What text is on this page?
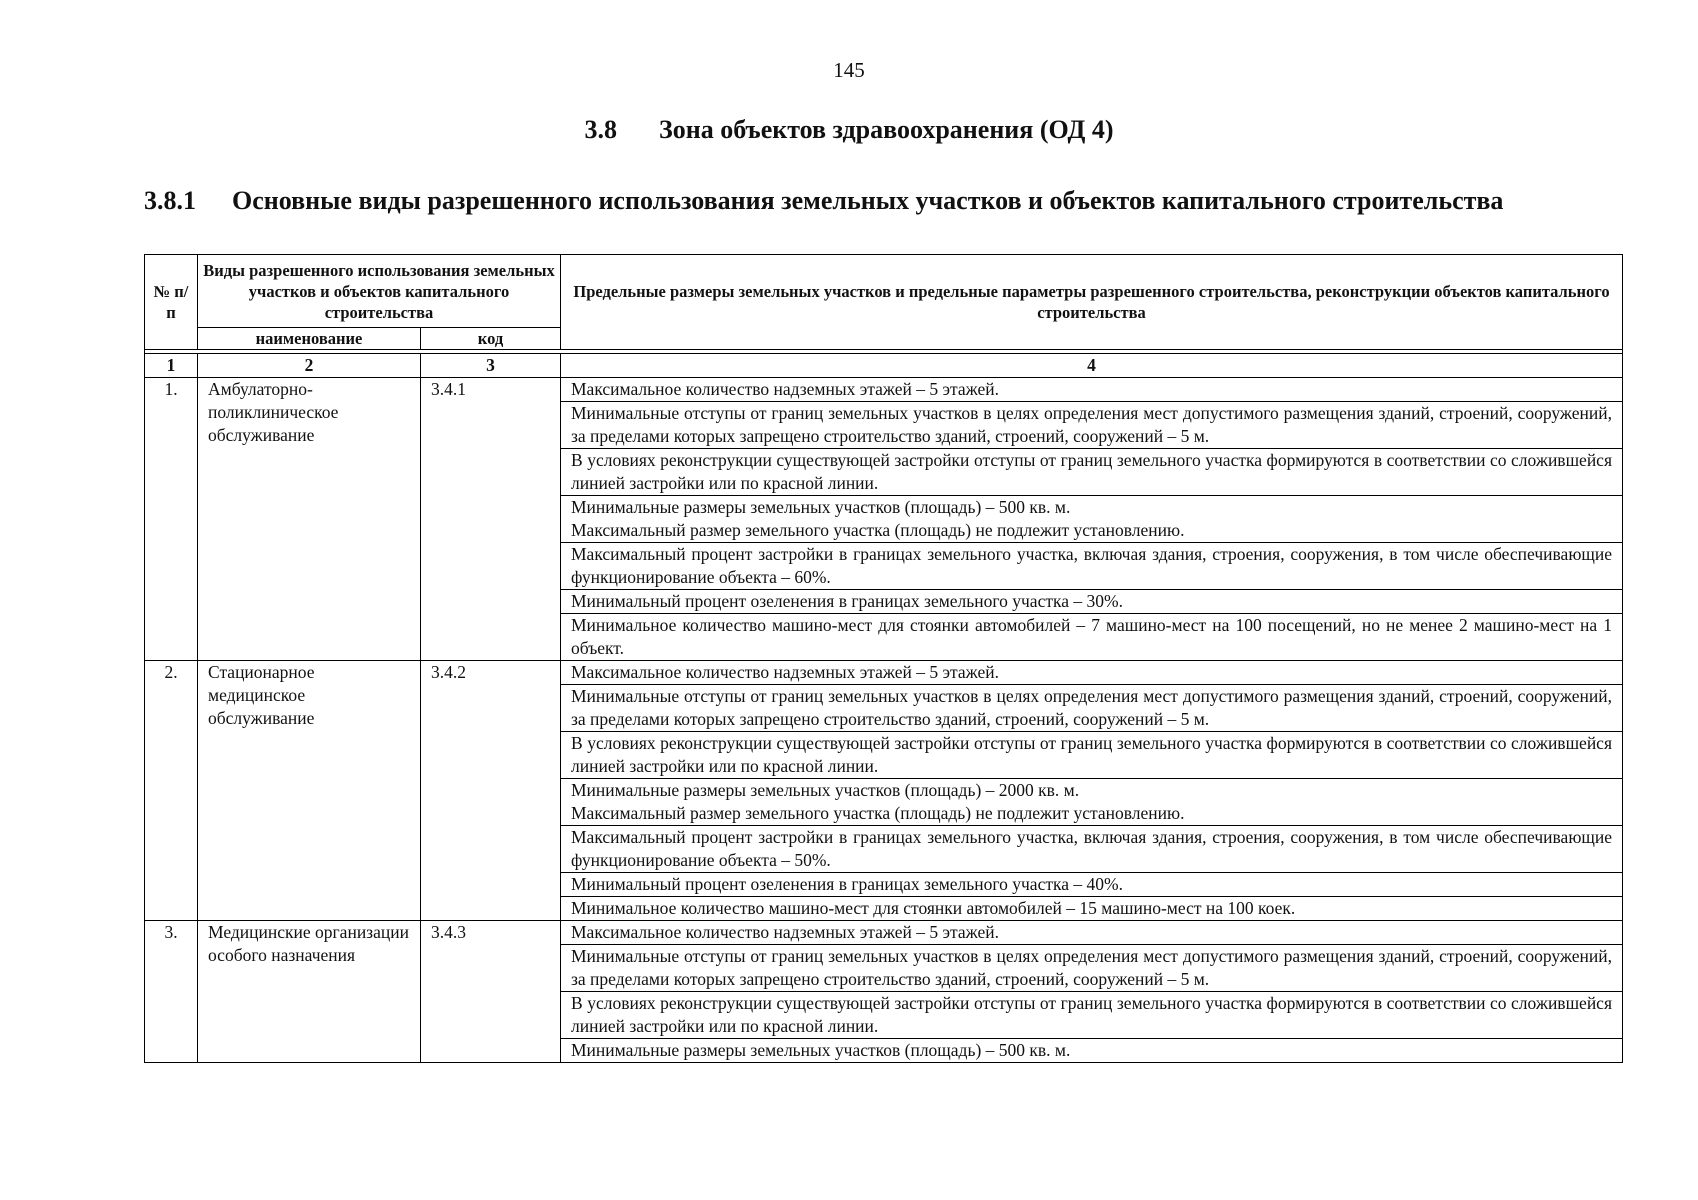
145
3.8 Зона объектов здравоохранения (ОД 4)
3.8.1 Основные виды разрешенного использования земельных участков и объектов капитального строительства
№ п/п	Виды разрешенного использования земельных участков и объектов капитального строительства		Предельные размеры земельных участков и предельные параметры разрешенного строительства, реконструкции объектов капитального строительства
	наименование	код	

1	2	3	4
1.	Амбулаторно-поликлиническое обслуживание	3.4.1	Максимальное количество надземных этажей – 5 этажей.
			Минимальные отступы от границ земельных участков в целях определения мест допустимого размещения зданий, строений, сооружений, за пределами которых запрещено строительство зданий, строений, сооружений – 5 м.
			В условиях реконструкции существующей застройки отступы от границ земельного участка формируются в соответствии со сложившейся линией застройки или по красной линии.
			Минимальные размеры земельных участков (площадь) – 500 кв. м.
Максимальный размер земельного участка (площадь) не подлежит установлению.
			Максимальный процент застройки в границах земельного участка, включая здания, строения, сооружения, в том числе обеспечивающие функционирование объекта – 60%.
			Минимальный процент озеленения в границах земельного участка – 30%.
			Минимальное количество машино-мест для стоянки автомобилей – 7 машино-мест на 100 посещений, но не менее 2 машино-мест на 1 объект.
2.	Стационарное медицинское обслуживание	3.4.2	Максимальное количество надземных этажей – 5 этажей.
			Минимальные отступы от границ земельных участков в целях определения мест допустимого размещения зданий, строений, сооружений, за пределами которых запрещено строительство зданий, строений, сооружений – 5 м.
			В условиях реконструкции существующей застройки отступы от границ земельного участка формируются в соответствии со сложившейся линией застройки или по красной линии.
			Минимальные размеры земельных участков (площадь) – 2000 кв. м.
Максимальный размер земельного участка (площадь) не подлежит установлению.
			Максимальный процент застройки в границах земельного участка, включая здания, строения, сооружения, в том числе обеспечивающие функционирование объекта – 50%.
			Минимальный процент озеленения в границах земельного участка – 40%.
			Минимальное количество машино-мест для стоянки автомобилей – 15 машино-мест на 100 коек.
3.	Медицинские организации особого назначения	3.4.3	Максимальное количество надземных этажей – 5 этажей.
			Минимальные отступы от границ земельных участков в целях определения мест допустимого размещения зданий, строений, сооружений, за пределами которых запрещено строительство зданий, строений, сооружений – 5 м.
			В условиях реконструкции существующей застройки отступы от границ земельного участка формируются в соответствии со сложившейся линией застройки или по красной линии.
			Минимальные размеры земельных участков (площадь) – 500 кв. м.
